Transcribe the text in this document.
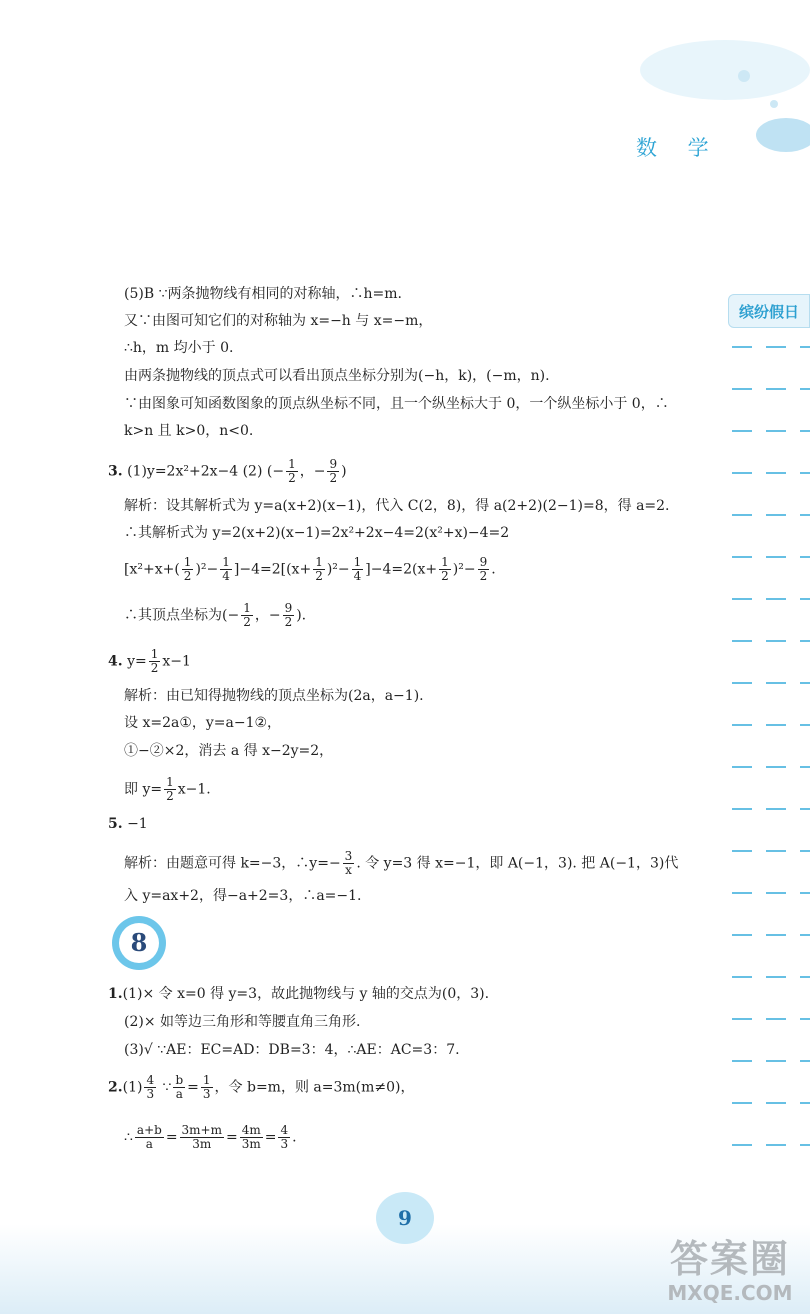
数 学
缤纷假日
(5)B ∵两条抛物线有相同的对称轴，∴h=m.
又∵由图可知它们的对称轴为 x=−h 与 x=−m，
∴h，m 均小于 0.
由两条抛物线的顶点式可以看出顶点坐标分别为(−h，k)，(−m，n).
∵由图象可知函数图象的顶点纵坐标不同，且一个纵坐标大于 0，一个纵坐标小于 0，∴
k>n 且 k>0，n<0.
3. (1)y=2x²+2x−4 (2) (− $\frac{1}{2}$ ，− $\frac{9}{2}$ )
解析：设其解析式为 y=a(x+2)(x−1)，代入 C(2，8)，得 a(2+2)(2−1)=8，得 a=2.
∴其解析式为 y=2(x+2)(x−1)=2x²+2x−4=2(x²+x)−4=2
$[x^2+x+( \frac{1}{2} )^2- \frac{1}{4} ]-4=2[(x+ \frac{1}{2} )^2- \frac{1}{4} ]-4=2(x+ \frac{1}{2} )^2- \frac{9}{2}$ .
∴其顶点坐标为(− $\frac{1}{2}$ ，− $\frac{9}{2}$ ).
4. $y= \frac{1}{2} x-1$
解析：由已知得抛物线的顶点坐标为(2a，a−1).
设 x=2a①，y=a−1②，
①−②×2，消去 a 得 x−2y=2，
即 $y= \frac{1}{2} x-1$.
5. −1
解析：由题意可得 k=−3，∴y=− $\frac{3}{x}$ . 令 y=3 得 x=−1，即 A(−1，3). 把 A(−1，3)代
入 y=ax+2，得−a+2=3，∴a=−1.
8
1.(1)× 令 x=0 得 y=3，故此抛物线与 y 轴的交点为(0，3).
(2)× 如等边三角形和等腰直角三角形.
(3)√ ∵AE：EC=AD：DB=3：4，∴AE：AC=3：7.
$2.(1) \frac{4}{3}$ ∵ $\frac{b}{a} = \frac{1}{3}$ ，令 b=m，则 a=3m(m≠0)，
∴ $\frac{a+b}{a} = \frac{3m+m}{3m} = \frac{4m}{3m} = \frac{4}{3}$ .
9
答案圈
MXQE.COM
